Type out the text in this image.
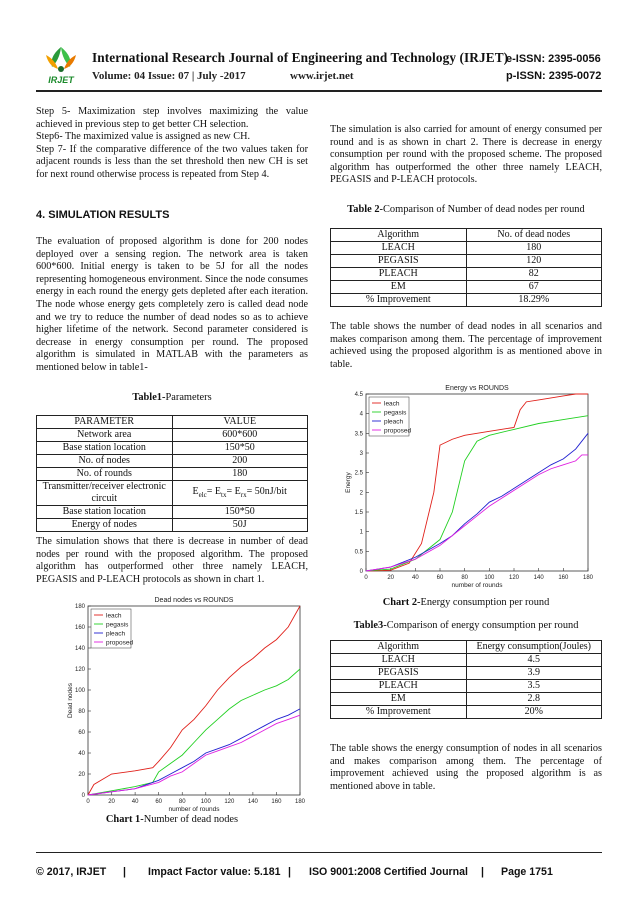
IRJET
International Research Journal of Engineering and Technology (IRJET)
e-ISSN: 2395-0056
Volume: 04 Issue: 07 | July -2017	www.irjet.net	p-ISSN: 2395-0072

Step 5- Maximization step involves maximizing the value achieved in previous step to get better CH selection.

Step6- The maximized value is assigned as new CH.

Step 7- If the comparative difference of the two values taken for adjacent rounds is less than the set threshold then new CH is set for next round otherwise process is repeated from Step 4.

4. SIMULATION RESULTS
The evaluation of proposed algorithm is done for 200 nodes deployed over a sensing region. The network area is taken 600*600. Initial energy is taken to be 5J for all the nodes representing homogeneous environment. Since the node consumes energy in each round the energy gets depleted after each iteration. The node whose energy gets completely zero is called dead node and we try to reduce the number of dead nodes so as to achieve higher lifetime of the network. Second parameter considered is decrease in energy consumption per round. The proposed algorithm is simulated in MATLAB with the parameters as mentioned below in table1-
Table1-Parameters
PARAMETER	VALUE
Network area	600*600
Base station location	150*50
No. of nodes	200
No. of rounds	180
Transmitter/receiver electronic circuit	$E_{elc}= E_{tx}= E_{rx}= 50nJ/bit$
Base station location	150*50
Energy of nodes	50J
The simulation shows that there is decrease in number of dead nodes per round with the proposed algorithm. The proposed algorithm has outperformed other three namely LEACH, PEGASIS and P-LEACH protocols as shown in chart 1.
Dead nodes vs ROUNDS
0	20	40	60	80	100 120 140 160 180
0
20
40
60
80
100
120
140
160
180
number of rounds
Dead nodes
leach
pegasis
pleach
proposed
Chart 1-Number of dead nodes
The simulation is also carried for amount of energy consumed per round and is as shown in chart 2. There is decrease in energy consumption per round with the proposed scheme. The proposed algorithm has outperformed the other three namely LEACH, PEGASIS and P-LEACH protocols.
Table 2-Comparison of Number of dead nodes per round
Algorithm	No. of dead nodes
LEACH	180
PEGASIS	120
PLEACH	82
EM	67
% Improvement	18.29%
The table shows the number of dead nodes in all scenarios and makes comparison among them. The percentage of improvement achieved using the proposed algorithm is as mentioned above in table.
Energy vs ROUNDS
0	20	40	60	80	100 120 140 160 180
0
0.5
1
1.5
2
2.5
3
3.5
4
4.5
number of rounds
Energy
leach
pegasis
pleach
proposed
Chart 2-Energy consumption per round
Table3-Comparison of energy consumption per round
Algorithm	Energy consumption(Joules)
LEACH	4.5
PEGASIS	3.9
PLEACH	3.5
EM	2.8
% Improvement	20%
The table shows the energy consumption of nodes in all scenarios and makes comparison among them. The percentage of improvement achieved using the proposed algorithm is as mentioned above in table.
© 2017, IRJET | Impact Factor value: 5.181 | ISO 9001:2008 Certified Journal | Page 1751
